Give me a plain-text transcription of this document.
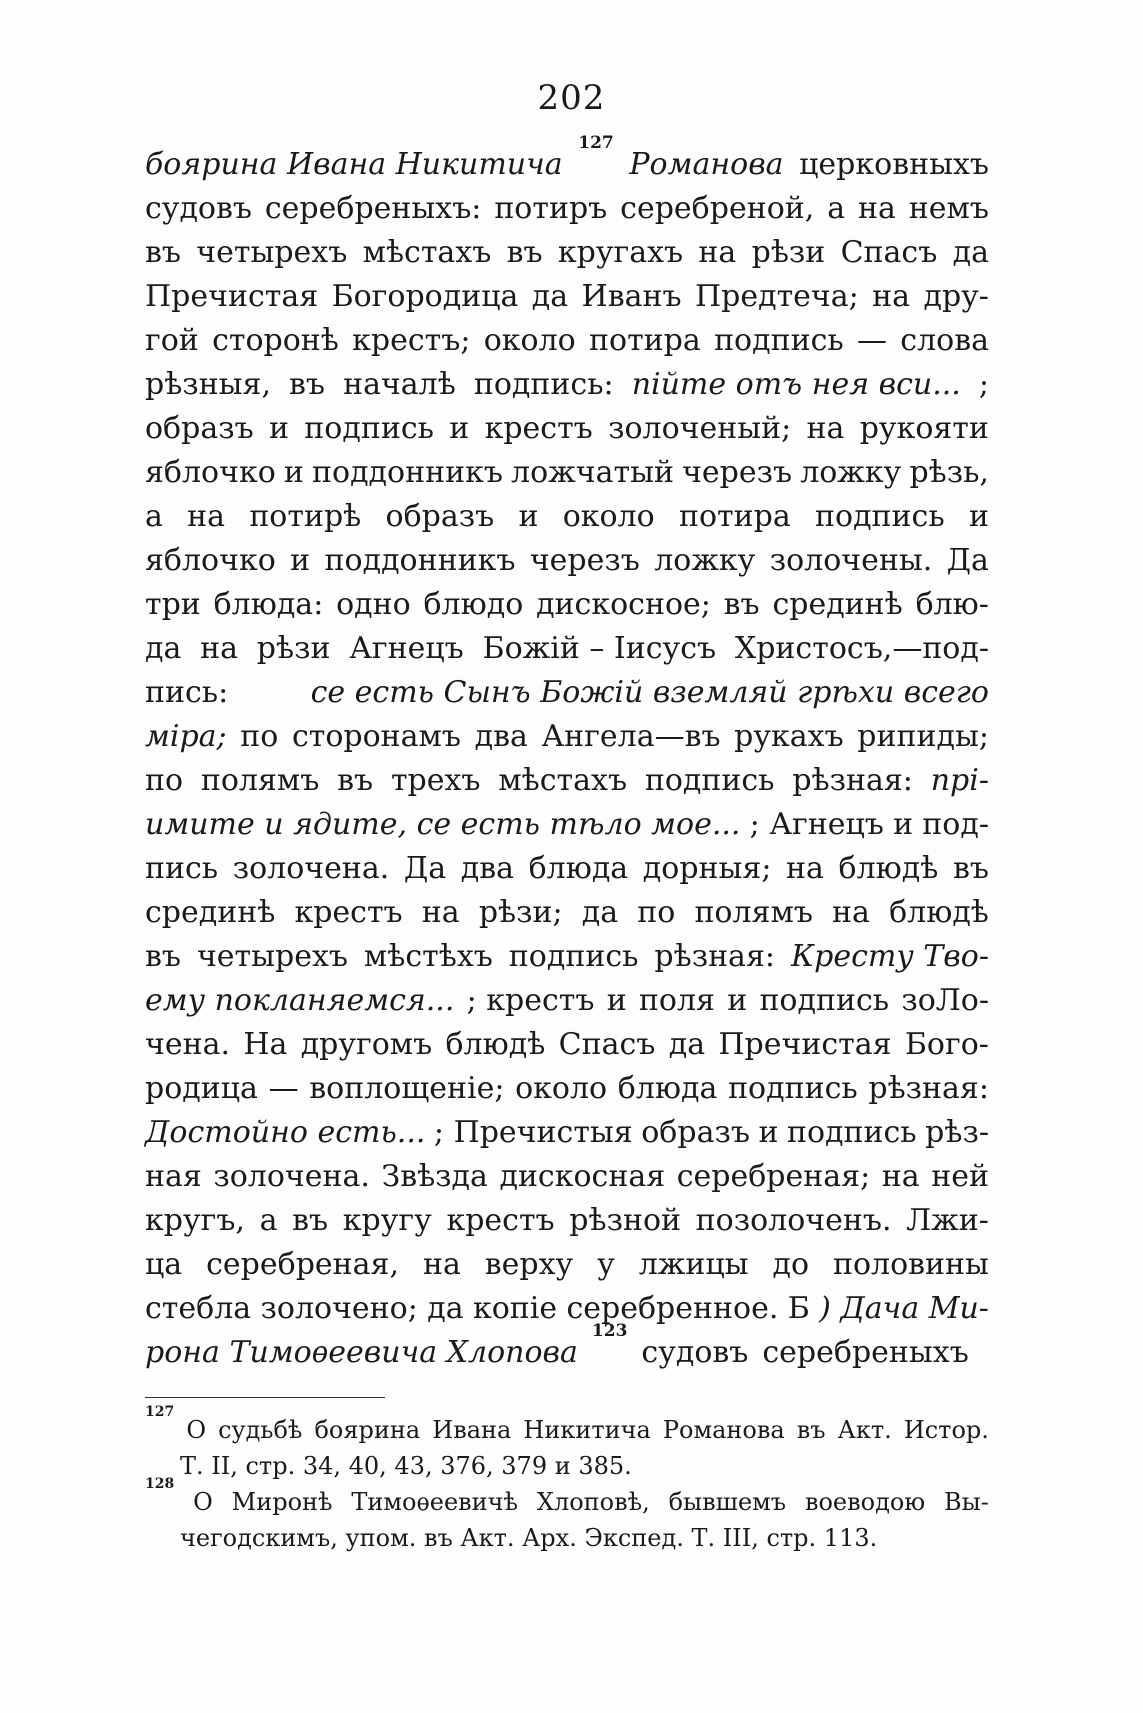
202
боярина Ивана Никитича
127
Романова церковныхъ
судовъ серебреныхъ: потиръ серебреной, а на немъ
въ четырехъ мѣстахъ въ кругахъ на рѣзи Спасъ да
Пречистая Богородица да Иванъ Предтеча; на дру-
гой сторонѣ крестъ; около потира подпись — слова
рѣзныя, въ началѣ подпись: пійте отъ нея вси... ;
образъ и подпись и крестъ золоченый; на рукояти
яблочко и поддонникъ ложчатый черезъ ложку рѣзь,
а на потирѣ образъ и около потира подпись и
яблочко и поддонникъ черезъ ложку золочены. Да
три блюда: одно блюдо дискосное; въ срединѣ блю-
да на рѣзи Агнецъ Божій – Іисусъ Христосъ,—под-
пись:	се есть Сынъ Божій вземляй грѣхи всего
міра; по сторонамъ два Ангела—въ рукахъ рипиды;
по полямъ въ трехъ мѣстахъ подпись рѣзная: прі-
имите и ядите, се есть тѣло мое... ; Агнецъ и под-
пись золочена. Да два блюда дорныя; на блюдѣ въ
срединѣ крестъ на рѣзи; да по полямъ на блюдѣ
въ четырехъ мѣстѣхъ подпись рѣзная: Кресту Тво-
ему покланяемся... ; крестъ и поля и подпись зоЛо-
чена. На другомъ блюдѣ Спасъ да Пречистая Бого-
родица — воплощеніе; около блюда подпись рѣзная:
Достойно есть... ; Пречистыя образъ и подпись рѣз-
ная золочена. Звѣзда дискосная серебреная; на ней
кругъ, а въ кругу крестъ рѣзной позолоченъ. Лжи-
ца серебреная, на верху у лжицы до половины
стебла золочено; да копіе серебренное. Б ) Дача Ми-
рона Тимоѳеевича Хлопова
123
судовъ серебреныхъ
127
О судьбѣ боярина Ивана Никитича Романова въ Акт. Истор.
Т. II, стр. 34, 40, 43, 376, 379 и 385.
128
О Миронѣ Тимоѳеевичѣ Хлоповѣ, бывшемъ воеводою Вы-
чегодскимъ, упом. въ Акт. Арх. Экспед. Т. III, стр. 113.
